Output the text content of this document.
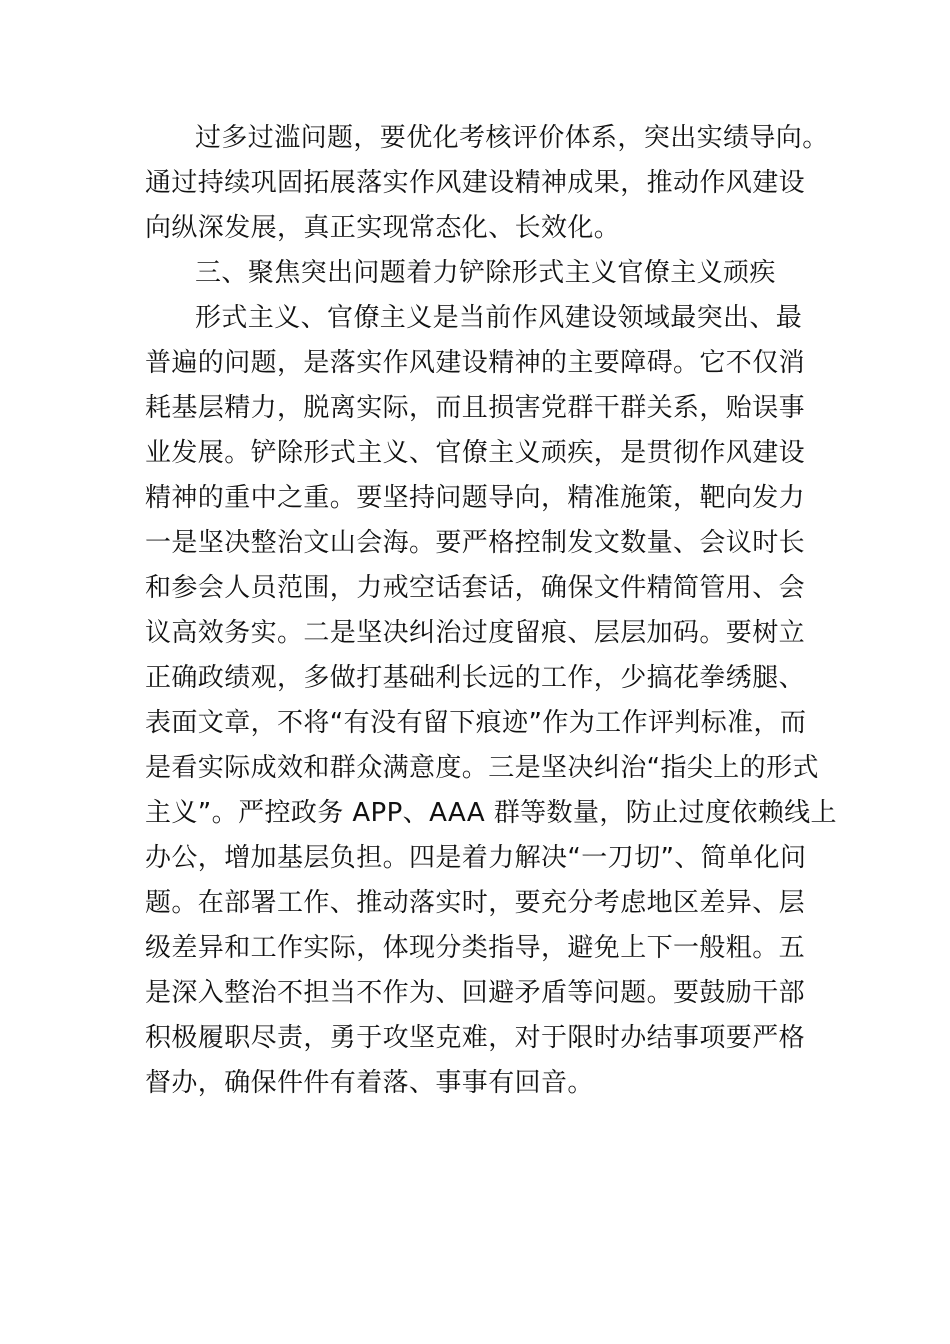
过多过滥问题，要优化考核评价体系，突出实绩导向。

通过持续巩固拓展落实作风建设精神成果，推动作风建设

向纵深发展，真正实现常态化、长效化。

三、聚焦突出问题着力铲除形式主义官僚主义顽疾

形式主义、官僚主义是当前作风建设领域最突出、最

普遍的问题，是落实作风建设精神的主要障碍。它不仅消

耗基层精力，脱离实际，而且损害党群干群关系，贻误事

业发展。铲除形式主义、官僚主义顽疾，是贯彻作风建设

精神的重中之重。要坚持问题导向，精准施策，靶向发力

一是坚决整治文山会海。要严格控制发文数量、会议时长

和参会人员范围，力戒空话套话，确保文件精简管用、会

议高效务实。二是坚决纠治过度留痕、层层加码。要树立

正确政绩观，多做打基础利长远的工作，少搞花拳绣腿、

表面文章，不将“有没有留下痕迹”作为工作评判标准，而

是看实际成效和群众满意度。三是坚决纠治“指尖上的形式

主义”。严控政务 APP、AAA 群等数量，防止过度依赖线上

办公，增加基层负担。四是着力解决“一刀切”、简单化问

题。在部署工作、推动落实时，要充分考虑地区差异、层

级差异和工作实际，体现分类指导，避免上下一般粗。五

是深入整治不担当不作为、回避矛盾等问题。要鼓励干部

积极履职尽责，勇于攻坚克难，对于限时办结事项要严格

督办，确保件件有着落、事事有回音。
